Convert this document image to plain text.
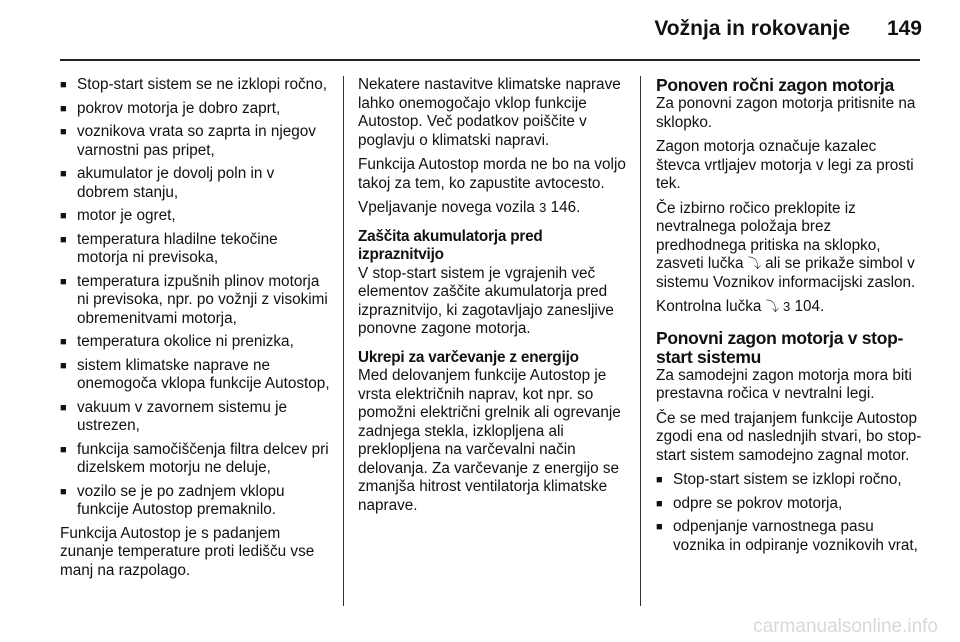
Vožnja in rokovanje 149
■ Stop-start sistem se ne izklopi ročno,
■ pokrov motorja je dobro zaprt,
■ voznikova vrata so zaprta in njegov varnostni pas pripet,
■ akumulator je dovolj poln in v dobrem stanju,
■ motor je ogret,
■ temperatura hladilne tekočine motorja ni previsoka,
■ temperatura izpušnih plinov motorja ni previsoka, npr. po vožnji z visokimi obremenitvami motorja,
■ temperatura okolice ni prenizka,
■ sistem klimatske naprave ne onemogoča vklopa funkcije Autostop,
■ vakuum v zavornem sistemu je ustrezen,
■ funkcija samočiščenja filtra delcev pri dizelskem motorju ne deluje,
■ vozilo se je po zadnjem vklopu funkcije Autostop premaknilo.

Funkcija Autostop je s padanjem zunanje temperature proti ledišču vse manj na razpolago.

Nekatere nastavitve klimatske naprave lahko onemogočajo vklop funkcije Autostop. Več podatkov poiščite v poglavju o klimatski napravi.

Funkcija Autostop morda ne bo na voljo takoj za tem, ko zapustite avtocesto.

Vpeljavanje novega vozila 3 146.

Zaščita akumulatorja pred izpraznitvijo

V stop-start sistem je vgrajenih več elementov zaščite akumulatorja pred izpraznitvijo, ki zagotavljajo zanesljive ponovne zagone motorja.

Ukrepi za varčevanje z energijo

Med delovanjem funkcije Autostop je vrsta električnih naprav, kot npr. so pomožni električni grelnik ali ogrevanje zadnjega stekla, izklopljena ali preklopljena na varčevalni način delovanja. Za varčevanje z energijo se zmanjša hitrost ventilatorja klimatske naprave.

Ponoven ročni zagon motorja

Za ponovni zagon motorja pritisnite na sklopko.

Zagon motorja označuje kazalec števca vrtljajev motorja v legi za prosti tek.

Če izbirno ročico preklopite iz nevtralnega položaja brez predhodnega pritiska na sklopko, zasveti lučka ⤵ ali se prikaže simbol v sistemu Voznikov informacijski zaslon.

Kontrolna lučka ⤵ 3 104.

Ponovni zagon motorja v stop-start sistemu

Za samodejni zagon motorja mora biti prestavna ročica v nevtralni legi.

Če se med trajanjem funkcije Autostop zgodi ena od naslednjih stvari, bo stop-start sistem samodejno zagnal motor.

■ Stop-start sistem se izklopi ročno,
■ odpre se pokrov motorja,
■ odpenjanje varnostnega pasu voznika in odpiranje voznikovih vrat,
carmanualsonline.info
